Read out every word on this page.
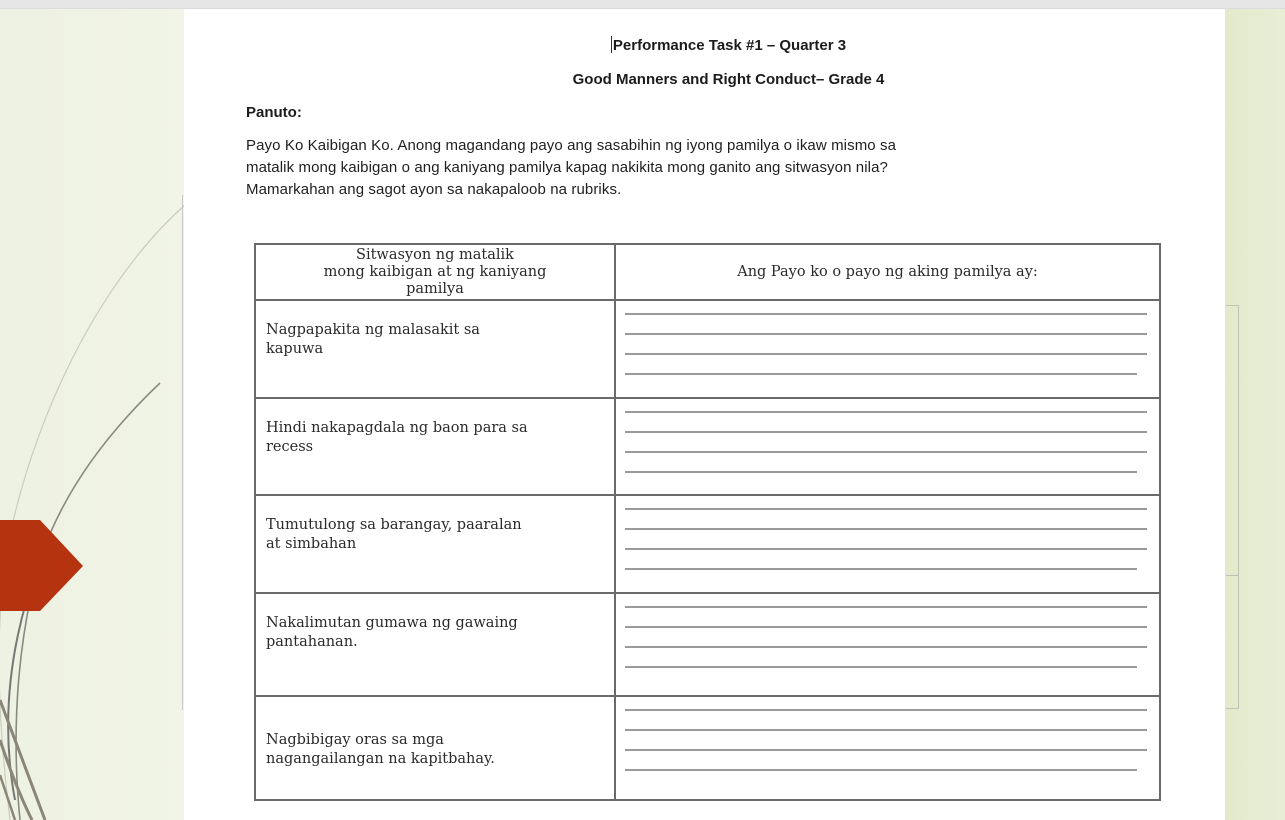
Performance Task #1 – Quarter 3
Good Manners and Right Conduct– Grade 4
Panuto:
Payo Ko Kaibigan Ko. Anong magandang payo ang sasabihin ng iyong pamilya o ikaw mismo sa
matalik mong kaibigan o ang kaniyang pamilya kapag nakikita mong ganito ang sitwasyon nila?
Mamarkahan ang sagot ayon sa nakapaloob na rubriks.
Sitwasyon ng matalik
mong kaibigan at ng kaniyang
pamilya	Ang Payo ko o payo ng aking pamilya ay:

Nagpapakita ng malasakit sa
kapuwa	

Hindi nakapagdala ng baon para sa
recess	

Tumutulong sa barangay, paaralan
at simbahan	

Nakalimutan gumawa ng gawaing
pantahanan.	

Nagbibigay oras sa mga
nagangailangan na kapitbahay.	
